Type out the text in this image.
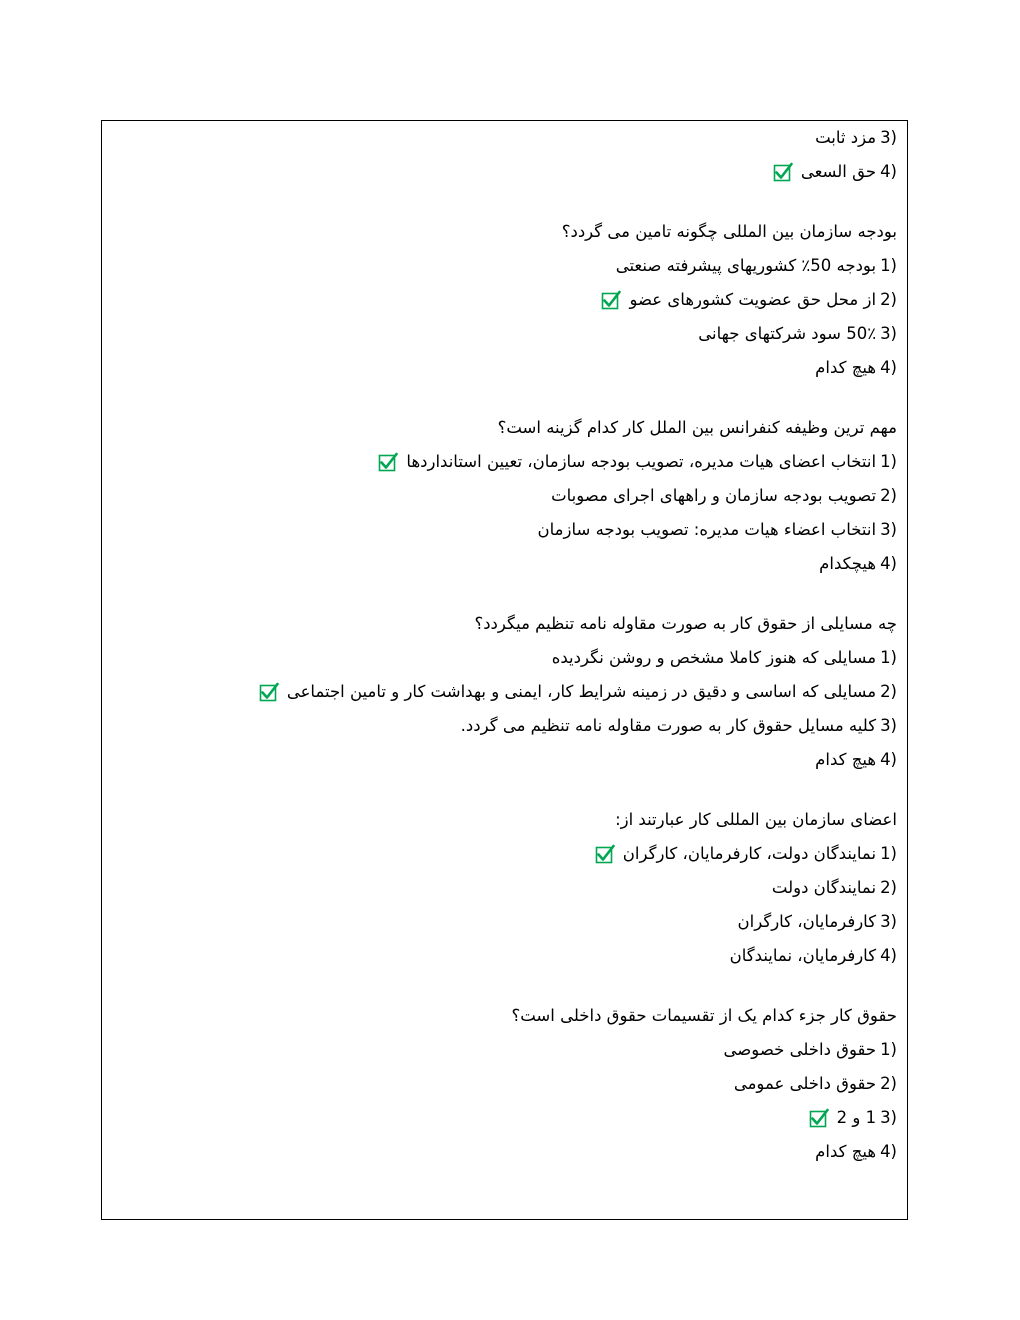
3)
مزد ثابت
4)
حق السعی
بودجه سازمان بین المللی چگونه تامین می گردد؟
1)
بودجه 50٪ کشوریهای پیشرفته صنعتی
2)
از محل حق عضویت کشورهای عضو
3)
50٪ سود شرکتهای جهانی
4)
هیچ کدام
مهم ترین وظیفه کنفرانس بین الملل کار کدام گزینه است؟
1)
انتخاب اعضای هیات مدیره، تصویب بودجه سازمان، تعیین استانداردها
2)
تصویب بودجه سازمان و راههای اجرای مصوبات
3)
انتخاب اعضاء هیات مدیره: تصویب بودجه سازمان
4)
هیچکدام
چه مسایلی از حقوق کار به صورت مقاوله نامه تنظیم میگردد؟
1)
مسایلی که هنوز کاملا مشخص و روشن نگردیده
2)
مسایلی که اساسی و دقیق در زمینه شرایط کار، ایمنی و بهداشت کار و تامین اجتماعی
3)
کلیه مسایل حقوق کار به صورت مقاوله نامه تنظیم می گردد.
4)
هیچ کدام
اعضای سازمان بین المللی کار عبارتند از:
1)
نمایندگان دولت، کارفرمایان، کارگران
2)
نمایندگان دولت
3)
کارفرمایان، کارگران
4)
کارفرمایان، نمایندگان
حقوق کار جزء کدام یک از تقسیمات حقوق داخلی است؟
1)
حقوق داخلی خصوصی
2)
حقوق داخلی عمومی
3)
1 و 2
4)
هیچ کدام
